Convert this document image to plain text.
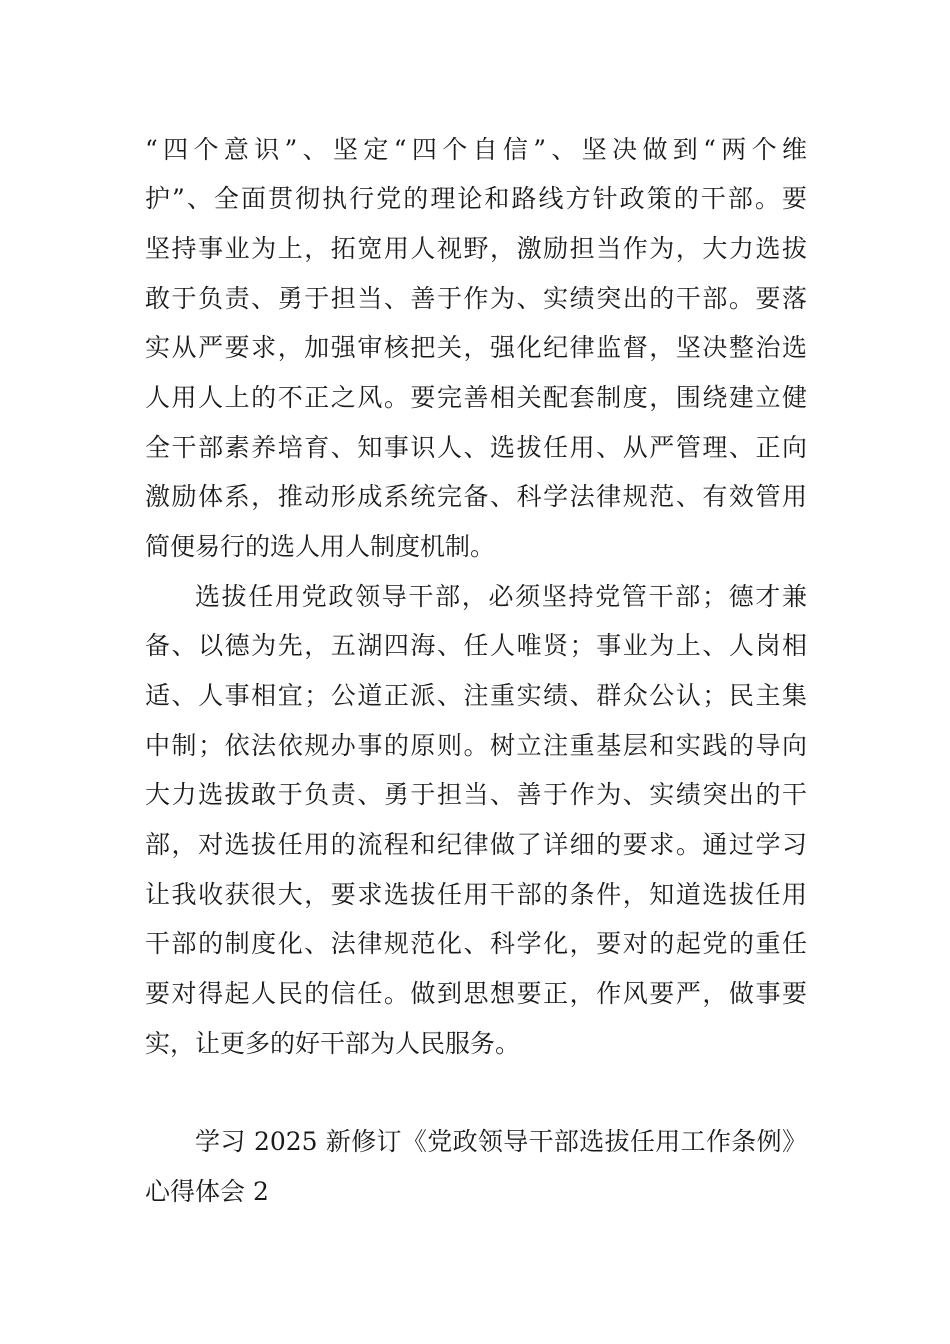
“四个意识”、坚定“四个自信”、坚决做到“两个维
护”、全面贯彻执行党的理论和路线方针政策的干部。要
坚持事业为上，拓宽用人视野，激励担当作为，大力选拔
敢于负责、勇于担当、善于作为、实绩突出的干部。要落
实从严要求，加强审核把关，强化纪律监督，坚决整治选
人用人上的不正之风。要完善相关配套制度，围绕建立健
全干部素养培育、知事识人、选拔任用、从严管理、正向
激励体系，推动形成系统完备、科学法律规范、有效管用
简便易行的选人用人制度机制。
选拔任用党政领导干部，必须坚持党管干部；德才兼
备、以德为先，五湖四海、任人唯贤；事业为上、人岗相
适、人事相宜；公道正派、注重实绩、群众公认；民主集
中制；依法依规办事的原则。树立注重基层和实践的导向
大力选拔敢于负责、勇于担当、善于作为、实绩突出的干
部，对选拔任用的流程和纪律做了详细的要求。通过学习
让我收获很大，要求选拔任用干部的条件，知道选拔任用
干部的制度化、法律规范化、科学化，要对的起党的重任
要对得起人民的信任。做到思想要正，作风要严，做事要
实，让更多的好干部为人民服务。
学习 2025 新修订《党政领导干部选拔任用工作条例》
心得体会 2
